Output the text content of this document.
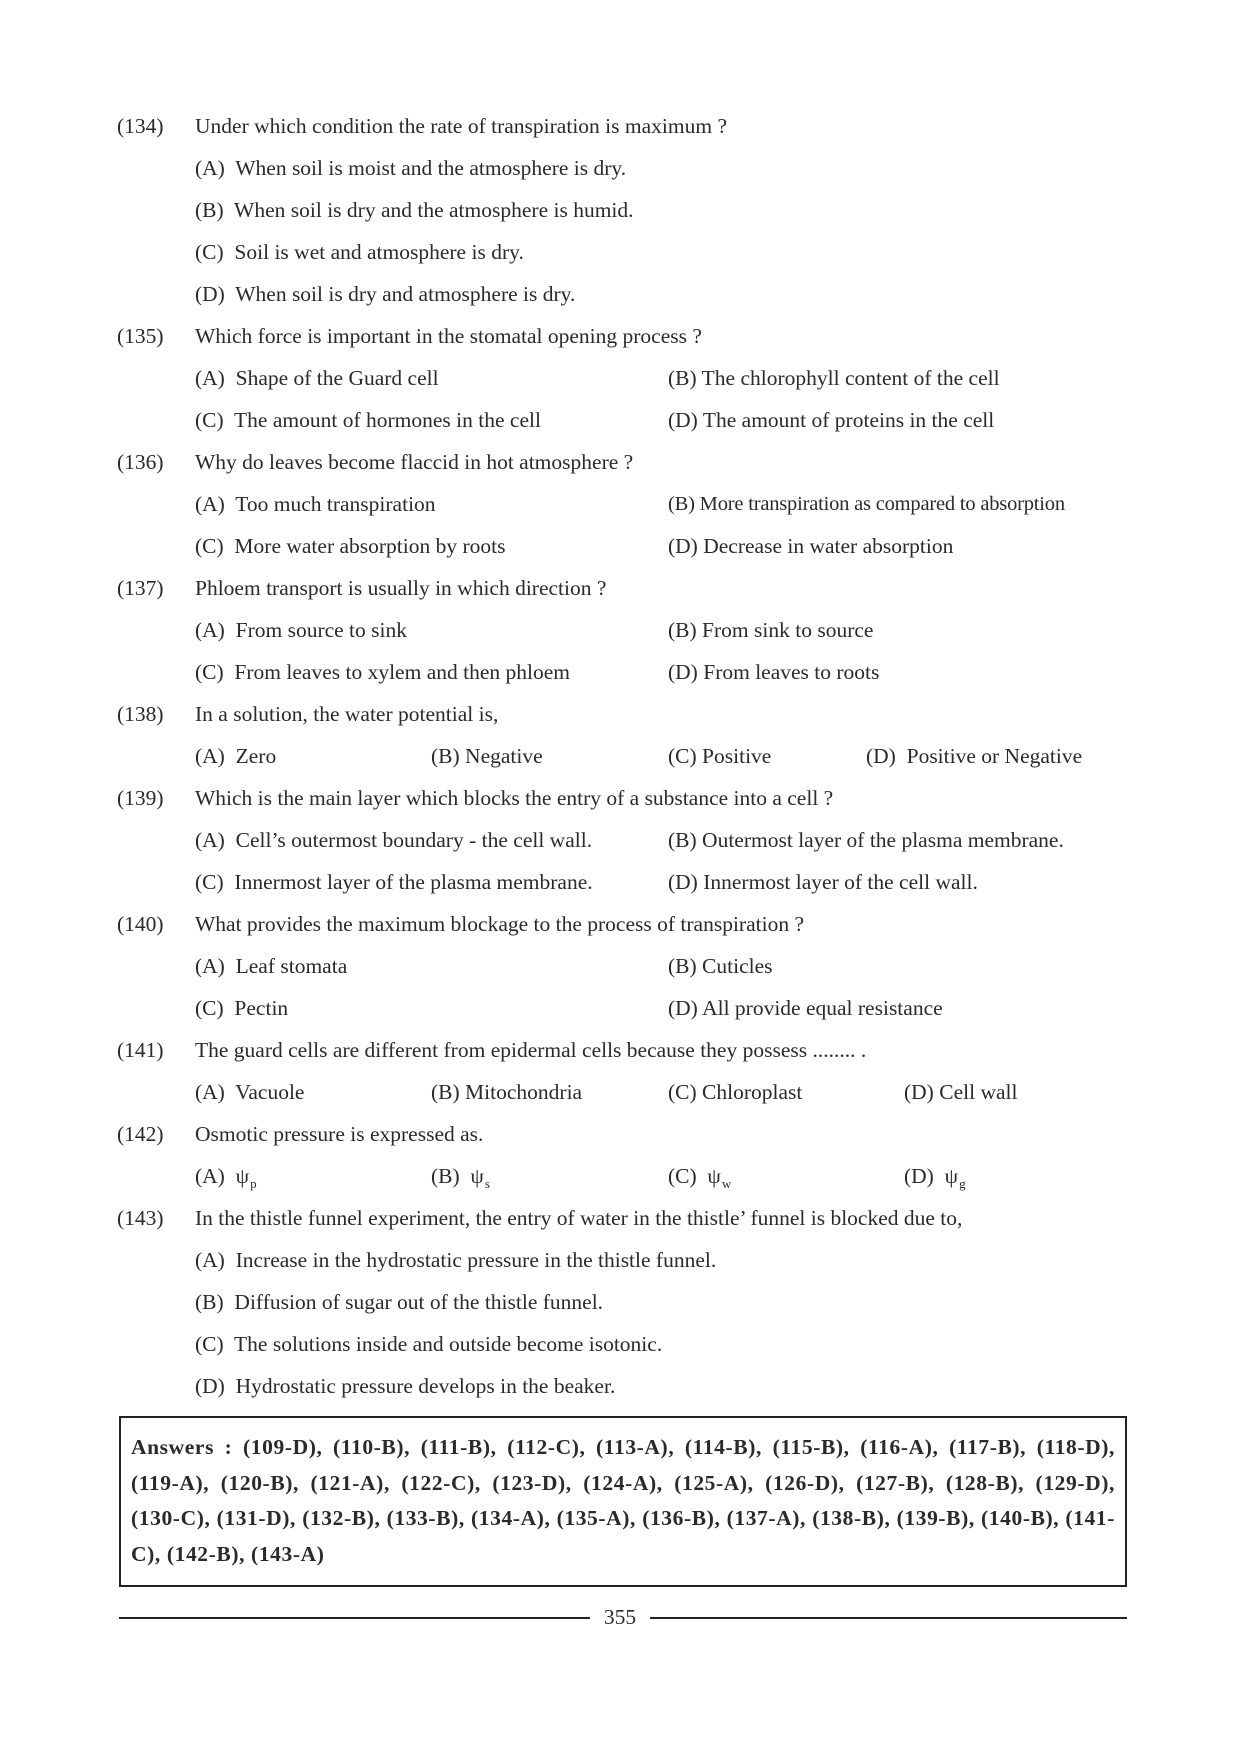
(134) Under which condition the rate of transpiration is maximum ?
(A) When soil is moist and the atmosphere is dry.
(B) When soil is dry and the atmosphere is humid.
(C) Soil is wet and atmosphere is dry.
(D) When soil is dry and atmosphere is dry.
(135) Which force is important in the stomatal opening process ?
(A) Shape of the Guard cell	(B) The chlorophyll content of the cell
(C) The amount of hormones in the cell	(D) The amount of proteins in the cell
(136) Why do leaves become flaccid in hot atmosphere ?
(A) Too much transpiration	(B) More transpiration as compared to absorption
(C) More water absorption by roots	(D) Decrease in water absorption
(137) Phloem transport is usually in which direction ?
(A) From source to sink	(B) From sink to source
(C) From leaves to xylem and then phloem	(D) From leaves to roots
(138) In a solution, the water potential is,
(A) Zero	(B) Negative	(C) Positive	(D) Positive or Negative
(139) Which is the main layer which blocks the entry of a substance into a cell ?
(A) Cell’s outermost boundary - the cell wall.	(B) Outermost layer of the plasma membrane.
(C) Innermost layer of the plasma membrane.	(D) Innermost layer of the cell wall.
(140) What provides the maximum blockage to the process of transpiration ?
(A) Leaf stomata	(B) Cuticles
(C) Pectin	(D) All provide equal resistance
(141) The guard cells are different from epidermal cells because they possess ........ .
(A) Vacuole	(B) Mitochondria	(C) Chloroplast	(D) Cell wall
(142) Osmotic pressure is expressed as.
(A) $\psi_p$	(B) $\psi_s$	(C) $\psi_w$	(D) $\psi_g$
(143) In the thistle funnel experiment, the entry of water in the thistle’ funnel is blocked due to,
(A) Increase in the hydrostatic pressure in the thistle funnel.
(B) Diffusion of sugar out of the thistle funnel.
(C) The solutions inside and outside become isotonic.
(D) Hydrostatic pressure develops in the beaker.
Answers : (109-D), (110-B), (111-B), (112-C), (113-A), (114-B), (115-B), (116-A), (117-B), (118-D), (119-A), (120-B), (121-A), (122-C), (123-D), (124-A), (125-A), (126-D), (127-B), (128-B), (129-D), (130-C), (131-D), (132-B), (133-B), (134-A), (135-A), (136-B), (137-A), (138-B), (139-B), (140-B), (141-C), (142-B), (143-A)
355
